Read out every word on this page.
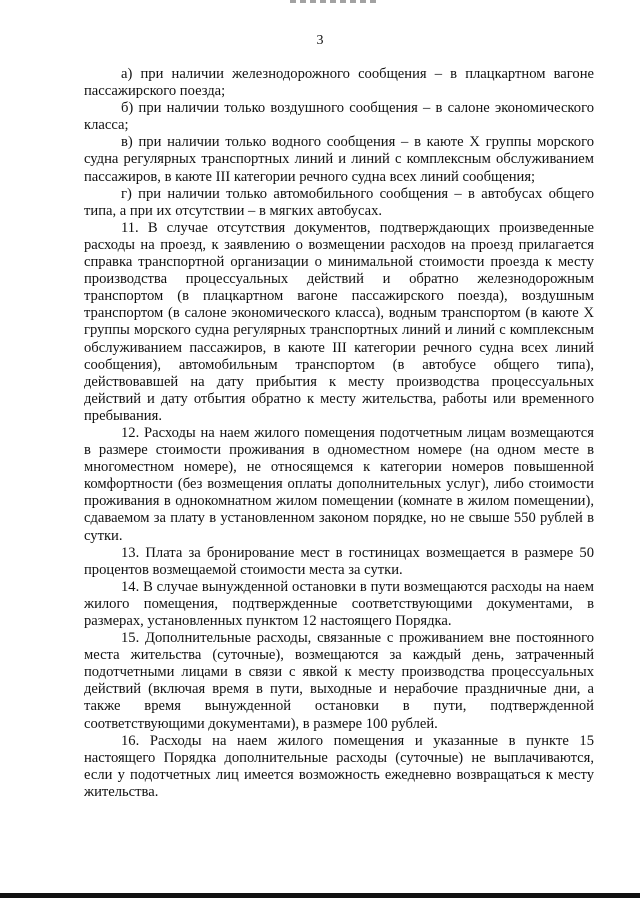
3

а) при наличии железнодорожного сообщения – в плацкартном вагоне пассажирского поезда;

б) при наличии только воздушного сообщения – в салоне экономического класса;

в) при наличии только водного сообщения – в каюте X группы морского судна регулярных транспортных линий и линий с комплексным обслуживанием пассажиров, в каюте III категории речного судна всех линий сообщения;

г) при наличии только автомобильного сообщения – в автобусах общего типа, а при их отсутствии – в мягких автобусах.

11. В случае отсутствия документов, подтверждающих произведенные расходы на проезд, к заявлению о возмещении расходов на проезд прилагается справка транспортной организации о минимальной стоимости проезда к месту производства процессуальных действий и обратно железнодорожным транспортом (в плацкартном вагоне пассажирского поезда), воздушным транспортом (в салоне экономического класса), водным транспортом (в каюте X группы морского судна регулярных транспортных линий и линий с комплексным обслуживанием пассажиров, в каюте III категории речного судна всех линий сообщения), автомобильным транспортом (в автобусе общего типа), действовавшей на дату прибытия к месту производства процессуальных действий и дату отбытия обратно к месту жительства, работы или временного пребывания.

12. Расходы на наем жилого помещения подотчетным лицам возмещаются в размере стоимости проживания в одноместном номере (на одном месте в многоместном номере), не относящемся к категории номеров повышенной комфортности (без возмещения оплаты дополнительных услуг), либо стоимости проживания в однокомнатном жилом помещении (комнате в жилом помещении), сдаваемом за плату в установленном законом порядке, но не свыше 550 рублей в сутки.

13. Плата за бронирование мест в гостиницах возмещается в размере 50 процентов возмещаемой стоимости места за сутки.

14. В случае вынужденной остановки в пути возмещаются расходы на наем жилого помещения, подтвержденные соответствующими документами, в размерах, установленных пунктом 12 настоящего Порядка.

15. Дополнительные расходы, связанные с проживанием вне постоянного места жительства (суточные), возмещаются за каждый день, затраченный подотчетными лицами в связи с явкой к месту производства процессуальных действий (включая время в пути, выходные и нерабочие праздничные дни, а также время вынужденной остановки в пути, подтвержденной соответствующими документами), в размере 100 рублей.

16. Расходы на наем жилого помещения и указанные в пункте 15 настоящего Порядка дополнительные расходы (суточные) не выплачиваются, если у подотчетных лиц имеется возможность ежедневно возвращаться к месту жительства.
